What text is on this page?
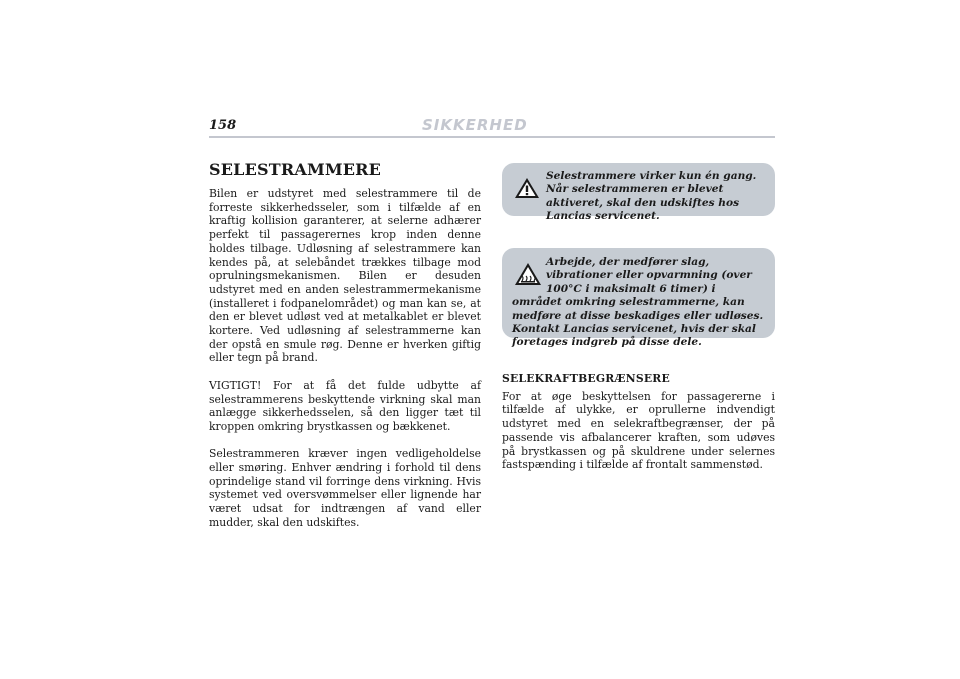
158	SIKKERHED
SELESTRAMMERE

Bilen er udstyret med selestrammere til de forreste sikkerhedsseler, som i tilfælde af en kraftig kollision garanterer, at selerne adhærer perfekt til passagerernes krop inden denne holdes tilbage. Udløsning af selestrammere kan kendes på, at selebåndet trækkes tilbage mod oprulningsmekanismen. Bilen er desuden udstyret med en anden selestrammermekanisme (installeret i fodpanelområdet) og man kan se, at den er blevet udløst ved at metalkablet er blevet kortere. Ved udløsning af selestrammerne kan der opstå en smule røg. Denne er hverken giftig eller tegn på brand.

VIGTIGT! For at få det fulde udbytte af selestrammerens beskyttende virkning skal man anlægge sikkerhedsselen, så den ligger tæt til kroppen omkring brystkassen og bækkenet.

Selestrammeren kræver ingen vedligeholdelse eller smøring. Enhver ændring i forhold til dens oprindelige stand vil forringe dens virkning. Hvis systemet ved oversvømmelser eller lignende har været udsat for indtrængen af vand eller mudder, skal den udskiftes.

Selestrammere virker kun én gang. Når selestrammeren er blevet aktiveret, skal den udskiftes hos Lancias servicenet.
Arbejde, der medfører slag, vibrationer eller opvarmning (over 100°C i maksimalt 6 timer) i området omkring selestrammerne, kan medføre at disse beskadiges eller udløses. Kontakt Lancias servicenet, hvis der skal foretages indgreb på disse dele.
SELEKRAFTBEGRÆNSERE

For at øge beskyttelsen for passagererne i tilfælde af ulykke, er oprullerne indvendigt udstyret med en selekraftbegrænser, der på passende vis afbalancerer kraften, som udøves på brystkassen og på skuldrene under selernes fastspænding i tilfælde af frontalt sammenstød.
